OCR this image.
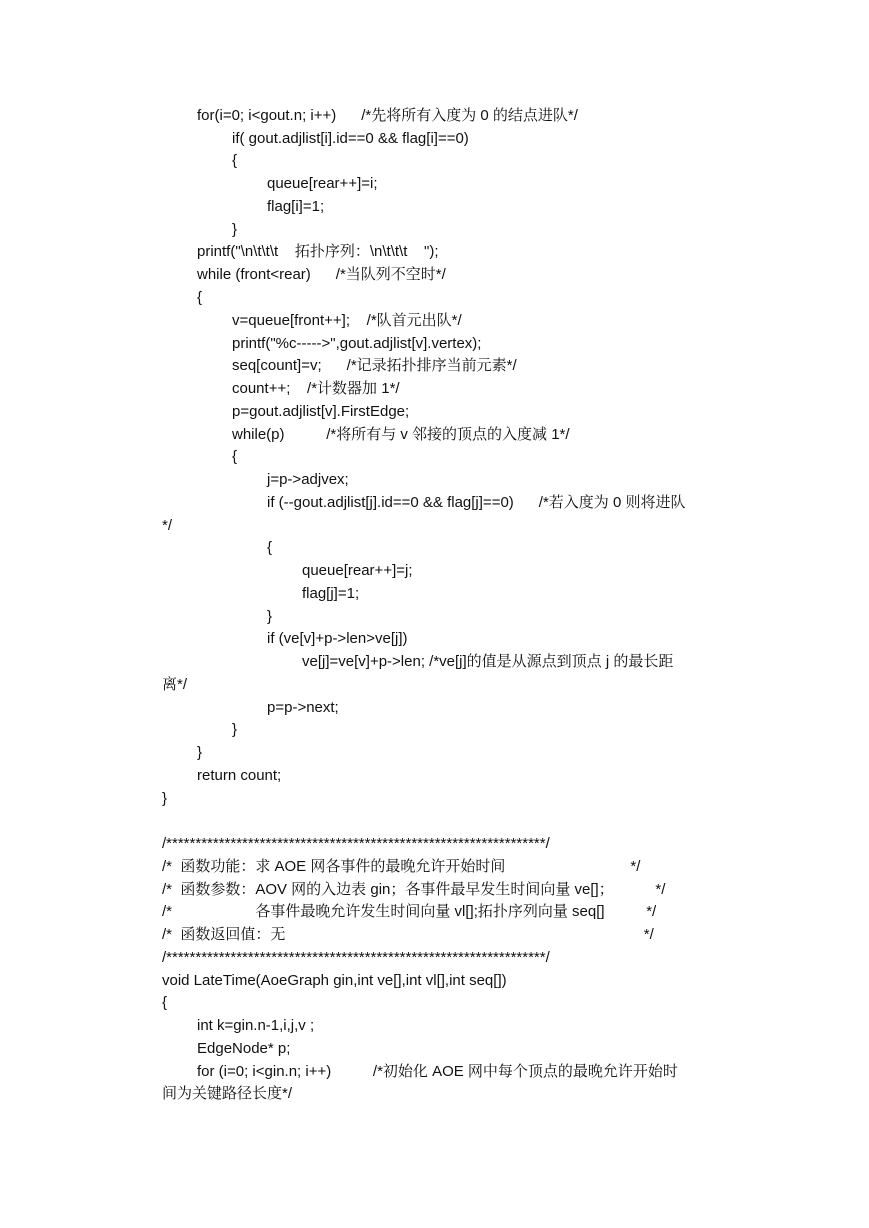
for(i=0; i<gout.n; i++)      /*先将所有入度为 0 的结点进队*/
if( gout.adjlist[i].id==0 && flag[i]==0)
{
queue[rear++]=i;
flag[i]=1;
}
printf("\n\t\t\t    拓扑序列：\n\t\t\t    ");
while (front<rear)      /*当队列不空时*/
{
v=queue[front++];    /*队首元出队*/
printf("%c----->",gout.adjlist[v].vertex);
seq[count]=v;      /*记录拓扑排序当前元素*/
count++;    /*计数器加 1*/
p=gout.adjlist[v].FirstEdge;
while(p)          /*将所有与 v 邻接的顶点的入度减 1*/
{
j=p->adjvex;
if (--gout.adjlist[j].id==0 && flag[j]==0)      /*若入度为 0 则将进队
*/
{
queue[rear++]=j;
flag[j]=1;
}
if (ve[v]+p->len>ve[j])
ve[j]=ve[v]+p->len; /*ve[j]的值是从源点到顶点 j 的最长距
离*/
p=p->next;
}
}
return count;
}
/*****************************************************************/
/*  函数功能：求 AOE 网各事件的最晚允许开始时间                              */
/*  函数参数：AOV 网的入边表 gin；各事件最早发生时间向量 ve[]；          */
/*                    各事件最晚允许发生时间向量 vl[];拓扑序列向量 seq[]          */
/*  函数返回值：无                                                                                      */
/*****************************************************************/
void LateTime(AoeGraph gin,int ve[],int vl[],int seq[])
{
int k=gin.n-1,i,j,v ;
EdgeNode* p;
for (i=0; i<gin.n; i++)          /*初始化 AOE 网中每个顶点的最晚允许开始时
间为关键路径长度*/
